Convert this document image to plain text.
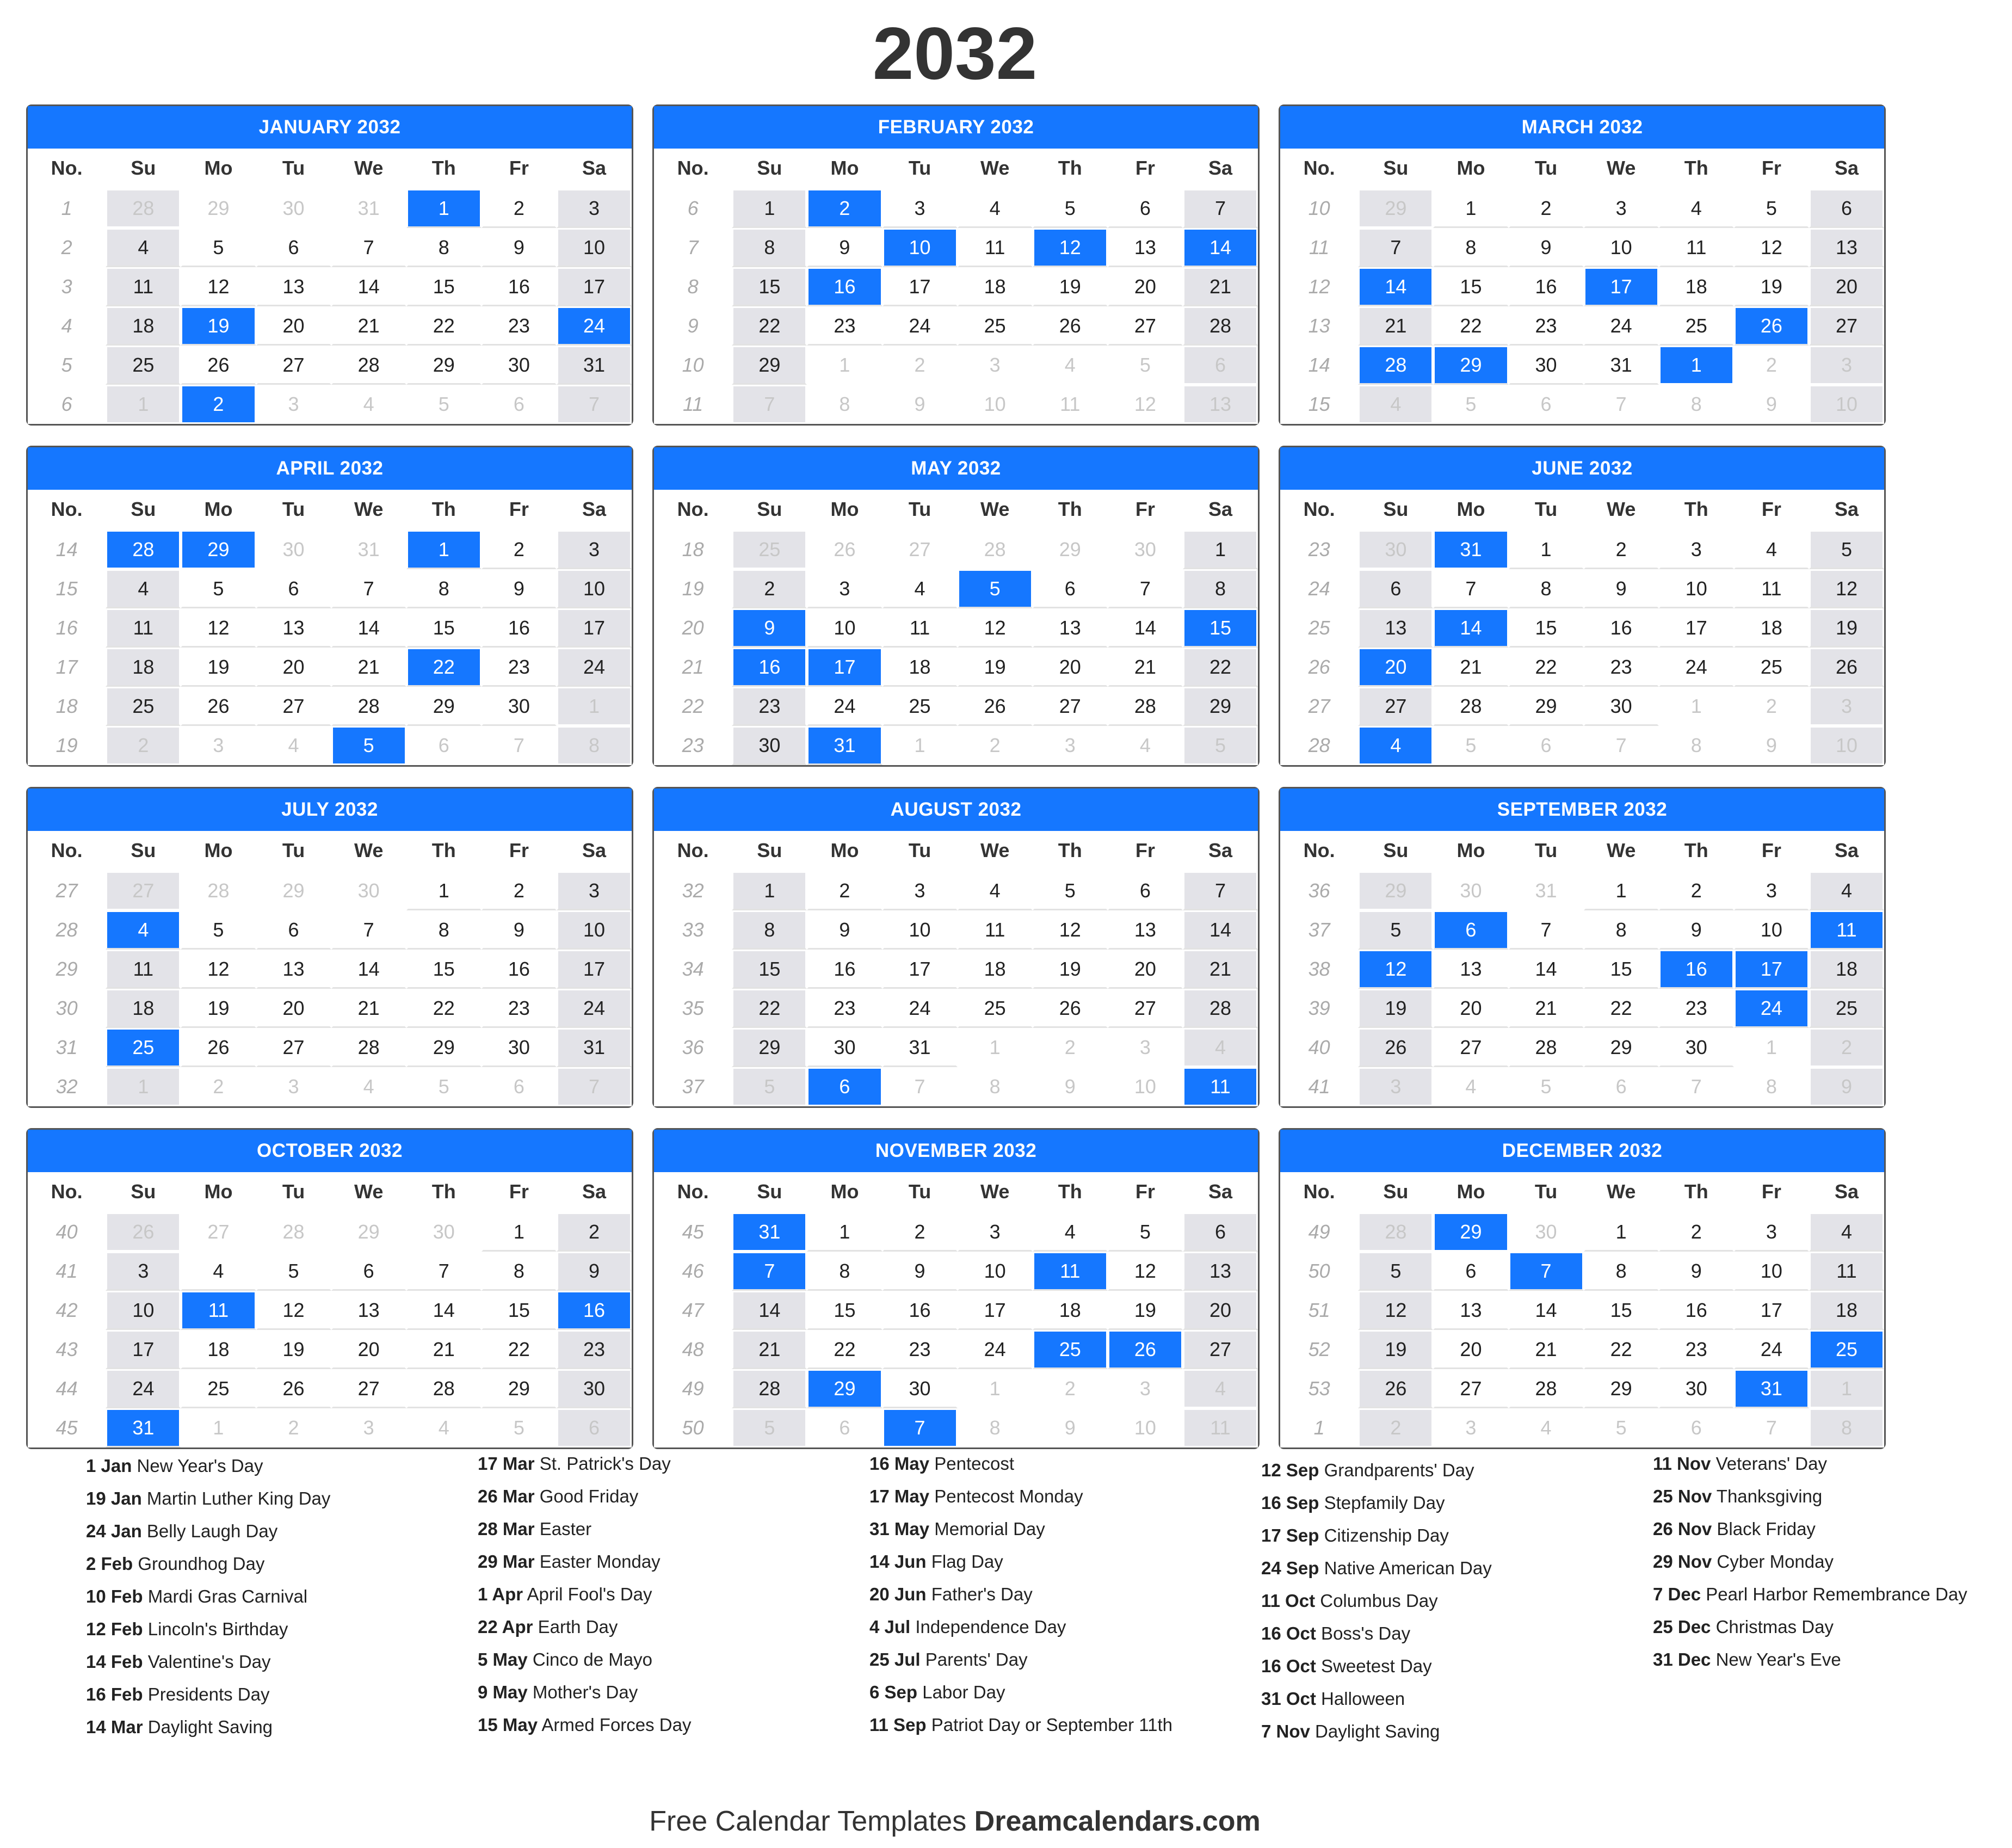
2032
JANUARY 2032
No.	Su	Mo	Tu	We	Th	Fr	Sa
1	28	29	30	31	1	2	3
2	4	5	6	7	8	9	10
3	11	12	13	14	15	16	17
4	18	19	20	21	22	23	24
5	25	26	27	28	29	30	31
6	1	2	3	4	5	6	7
FEBRUARY 2032
No.	Su	Mo	Tu	We	Th	Fr	Sa
6	1	2	3	4	5	6	7
7	8	9	10	11	12	13	14
8	15	16	17	18	19	20	21
9	22	23	24	25	26	27	28
10	29	1	2	3	4	5	6
11	7	8	9	10	11	12	13
MARCH 2032
No.	Su	Mo	Tu	We	Th	Fr	Sa
10	29	1	2	3	4	5	6
11	7	8	9	10	11	12	13
12	14	15	16	17	18	19	20
13	21	22	23	24	25	26	27
14	28	29	30	31	1	2	3
15	4	5	6	7	8	9	10
APRIL 2032
No.	Su	Mo	Tu	We	Th	Fr	Sa
14	28	29	30	31	1	2	3
15	4	5	6	7	8	9	10
16	11	12	13	14	15	16	17
17	18	19	20	21	22	23	24
18	25	26	27	28	29	30	1
19	2	3	4	5	6	7	8
MAY 2032
No.	Su	Mo	Tu	We	Th	Fr	Sa
18	25	26	27	28	29	30	1
19	2	3	4	5	6	7	8
20	9	10	11	12	13	14	15
21	16	17	18	19	20	21	22
22	23	24	25	26	27	28	29
23	30	31	1	2	3	4	5
JUNE 2032
No.	Su	Mo	Tu	We	Th	Fr	Sa
23	30	31	1	2	3	4	5
24	6	7	8	9	10	11	12
25	13	14	15	16	17	18	19
26	20	21	22	23	24	25	26
27	27	28	29	30	1	2	3
28	4	5	6	7	8	9	10
JULY 2032
No.	Su	Mo	Tu	We	Th	Fr	Sa
27	27	28	29	30	1	2	3
28	4	5	6	7	8	9	10
29	11	12	13	14	15	16	17
30	18	19	20	21	22	23	24
31	25	26	27	28	29	30	31
32	1	2	3	4	5	6	7
AUGUST 2032
No.	Su	Mo	Tu	We	Th	Fr	Sa
32	1	2	3	4	5	6	7
33	8	9	10	11	12	13	14
34	15	16	17	18	19	20	21
35	22	23	24	25	26	27	28
36	29	30	31	1	2	3	4
37	5	6	7	8	9	10	11
SEPTEMBER 2032
No.	Su	Mo	Tu	We	Th	Fr	Sa
36	29	30	31	1	2	3	4
37	5	6	7	8	9	10	11
38	12	13	14	15	16	17	18
39	19	20	21	22	23	24	25
40	26	27	28	29	30	1	2
41	3	4	5	6	7	8	9
OCTOBER 2032
No.	Su	Mo	Tu	We	Th	Fr	Sa
40	26	27	28	29	30	1	2
41	3	4	5	6	7	8	9
42	10	11	12	13	14	15	16
43	17	18	19	20	21	22	23
44	24	25	26	27	28	29	30
45	31	1	2	3	4	5	6
NOVEMBER 2032
No.	Su	Mo	Tu	We	Th	Fr	Sa
45	31	1	2	3	4	5	6
46	7	8	9	10	11	12	13
47	14	15	16	17	18	19	20
48	21	22	23	24	25	26	27
49	28	29	30	1	2	3	4
50	5	6	7	8	9	10	11
DECEMBER 2032
No.	Su	Mo	Tu	We	Th	Fr	Sa
49	28	29	30	1	2	3	4
50	5	6	7	8	9	10	11
51	12	13	14	15	16	17	18
52	19	20	21	22	23	24	25
53	26	27	28	29	30	31	1
1	2	3	4	5	6	7	8
1 Jan New Year's Day
19 Jan Martin Luther King Day
24 Jan Belly Laugh Day
2 Feb Groundhog Day
10 Feb Mardi Gras Carnival
12 Feb Lincoln's Birthday
14 Feb Valentine's Day
16 Feb Presidents Day
14 Mar Daylight Saving
17 Mar St. Patrick's Day
26 Mar Good Friday
28 Mar Easter
29 Mar Easter Monday
1 Apr April Fool's Day
22 Apr Earth Day
5 May Cinco de Mayo
9 May Mother's Day
15 May Armed Forces Day
16 May Pentecost
17 May Pentecost Monday
31 May Memorial Day
14 Jun Flag Day
20 Jun Father's Day
4 Jul Independence Day
25 Jul Parents' Day
6 Sep Labor Day
11 Sep Patriot Day or September 11th
12 Sep Grandparents' Day
16 Sep Stepfamily Day
17 Sep Citizenship Day
24 Sep Native American Day
11 Oct Columbus Day
16 Oct Boss's Day
16 Oct Sweetest Day
31 Oct Halloween
7 Nov Daylight Saving
11 Nov Veterans' Day
25 Nov Thanksgiving
26 Nov Black Friday
29 Nov Cyber Monday
7 Dec Pearl Harbor Remembrance Day
25 Dec Christmas Day
31 Dec New Year's Eve
Free Calendar Templates Dreamcalendars.com
